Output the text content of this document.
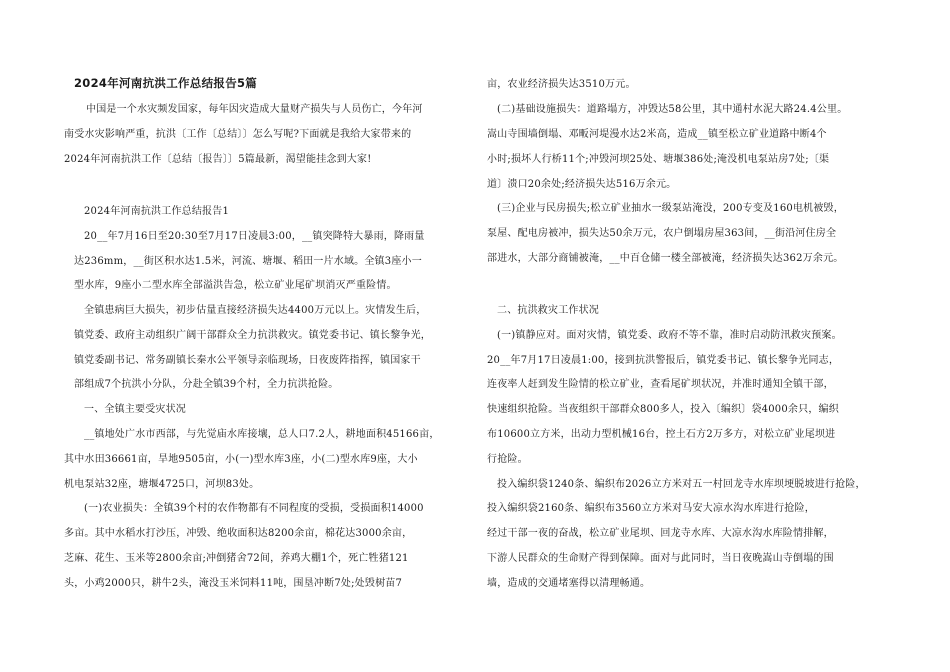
2024年河南抗洪工作总结报告5篇
中国是一个水灾频发国家，每年因灾造成大量财产损失与人员伤亡，今年河
南受水灾影响严重，抗洪〔工作〔总结〕〕怎么写呢?下面就是我给大家带来的
2024年河南抗洪工作〔总结〔报告〕〕5篇最新，渴望能挂念到大家!
2024年河南抗洪工作总结报告1
20__年7月16日至20:30至7月17日凌晨3:00，__镇突降特大暴雨，降雨量
达236mm，__街区积水达1.5米，河流、塘堰、稻田一片水域。全镇3座小一
型水库，9座小二型水库全部溢洪告急，松立矿业尾矿坝消灭严重险情。
全镇患病巨大损失，初步估量直接经济损失达4400万元以上。灾情发生后，
镇党委、政府主动组织广阔干部群众全力抗洪救灾。镇党委书记、镇长黎争光，
镇党委副书记、常务副镇长秦水公平领导亲临现场，日夜废阵指挥，镇国家干
部组成7个抗洪小分队，分赴全镇39个村，全力抗洪抢险。
一、全镇主要受灾状况
__镇地处广水市西部，与先觉庙水库接壤，总人口7.2人，耕地面积45166亩，
其中水田36661亩，旱地9505亩，小(一)型水库3座，小(二)型水库9座，大小
机电泵站32座，塘堰4725口，河坝83处。
(一)农业损失：全镇39个村的农作物都有不同程度的受损，受损面积14000
多亩。其中水稻水打沙压，冲毁、绝收面积达8200余亩，棉花达3000余亩，
芝麻、花生、玉米等2800余亩;冲倒猪舍72间，养鸡大棚1个，死亡牲猪121
头，小鸡2000只，耕牛2头，淹没玉米饲料11吨，围垦冲断7处;处毁树苗7
亩，农业经济损失达3510万元。
(二)基础设施损失：道路塌方，冲毁达58公里，其中通村水泥大路24.4公里。
嵩山寺围墙倒塌、邓畈河堤漫水达2米高，造成__镇至松立矿业道路中断4个
小时;损坏人行桥11个;冲毁河坝25处、塘堰386处;淹没机电泵站房7处;〔渠
道〕溃口20余处;经济损失达516万余元。
(三)企业与民房损失;松立矿业抽水一级泵站淹没，200专变及160电机被毁，
泵屋、配电房被冲，损失达50余万元，农户倒塌房屋363间，__街沿河住房全
部进水，大部分商铺被淹，__中百仓储一楼全部被淹，经济损失达362万余元。
二、抗洪救灾工作状况
(一)镇静应对。面对灾情，镇党委、政府不等不靠，准时启动防汛救灾预案。
20__年7月17日凌晨1:00，接到抗洪警报后，镇党委书记、镇长黎争光同志，
连夜率人赶到发生险情的松立矿业，查看尾矿坝状况，并准时通知全镇干部，
快速组织抢险。当夜组织干部群众800多人，投入〔编织〕袋4000余只，编织
布10600立方米，出动力型机械16台，控土石方2万多方，对松立矿业尾坝进
行抢险。
投入编织袋1240条、编织布2026立方米对五一村回龙寺水库坝埂脱坡进行抢险，
投入编织袋2160条、编织布3560立方米对马安大凉水沟水库进行抢险，
经过干部一夜的奋战，松立矿业尾坝、回龙寺水库、大凉水沟水库险情排解，
下游人民群众的生命财产得到保障。面对与此同时，当日夜晚嵩山寺倒塌的围
墙，造成的交通堵塞得以清理畅通。
